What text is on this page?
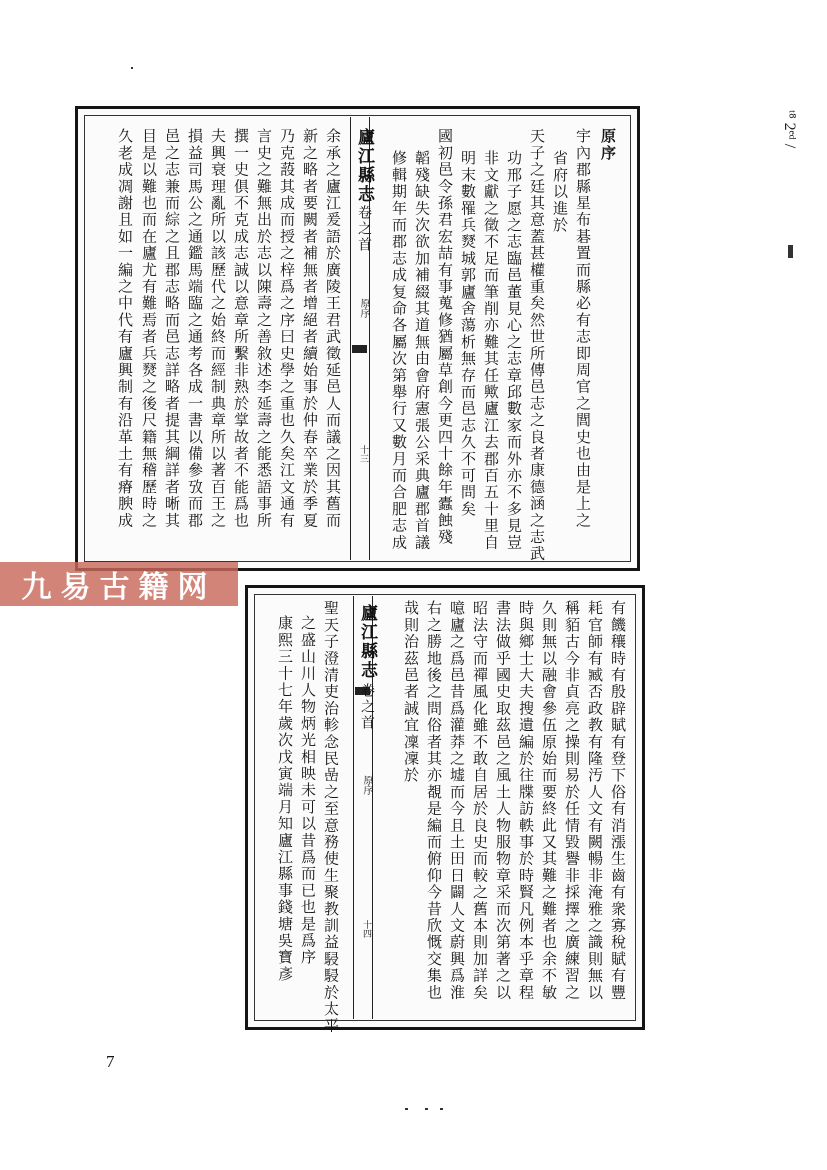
原序
宇內郡縣星布碁置而縣必有志即周官之閭史也由是上之
省府以進於
天子之廷其意蓋甚權重矣然世所傳邑志之良者康德涵之志武
功邢子愿之志臨邑董見心之志章邱數家而外亦不多見豈
非文獻之徵不足而筆削亦難其任歟廬江去郡百五十里自
明末數罹兵燹城郭廬舍蕩析無存而邑志久不可問矣
國初邑令孫君宏喆有事蒐修猶屬草創今更四十餘年蠹蝕殘
韜殘缺失次欲加補綴其道無由會府憲張公采典廬郡首議
修輯期年而郡志成复命各屬次第舉行又數月而合肥志成
余承之廬江爰語於廣陵王君武徵延邑人而議之因其舊而
新之略者要闕者補無者增絕者續始事於仲春卒業於季夏
乃克蔎其成而授之梓爲之序曰史學之重也久矣江文通有
言史之難無出於志以陳壽之善敘述李延壽之能悉語事所
撰一史俱不克成志誠以意章所繫非熟於掌故者不能爲也
夫興衰理亂所以該歷代之始終而經制典章所以著百王之
損益司馬公之通鑑馬端臨之通考各成一書以備參攷而郡
邑之志兼而綜之且郡志略而邑志詳略者提其綱詳者晰其
目是以難也而在廬尤有難焉者兵燹之後尺籍無稽歷時之
久老成凋謝且如一編之中代有廬興制有沿革土有瘠腴成
有饑穰時有殷辟賦有登下俗有消漲生齒有衆寡稅賦有豐
耗官師有臧否政教有隆汚人文有闕暢非淹雅之識則無以
稱貊古今非貞亮之操則易於任情毀譽非採擇之廣練習之
久則無以融會參伍原始而要終此又其難之難者也余不敏
時與鄉士大夫搜遺編於往牒訪軼事於時賢凡例本乎章程
書法做乎國史取茲邑之風土人物服物章采而次第著之以
昭法守而禪風化雖不敢自居於良史而較之舊本則加詳矣
噫廬之爲邑昔爲灌莽之墟而今且土田日闢人文蔚興爲淮
右之勝地後之問俗者其亦覩是編而俯仰今昔欣慨交集也
哉則治茲邑者誠宜凜凜於
聖天子澄清吏治軫念民嵒之至意務使生聚教訓益駸駸於太平
之盛山川人物炳光相映未可以昔爲而已也是爲序
康熙三十七年歲次戊寅端月知廬江縣事錢塘吳寶彥
廬江縣志
卷之首
原序
十三
廬江縣志
卷之首
原序
十四
九易古籍网
7
ᵗ⁸ 2ᵉᵈ /
